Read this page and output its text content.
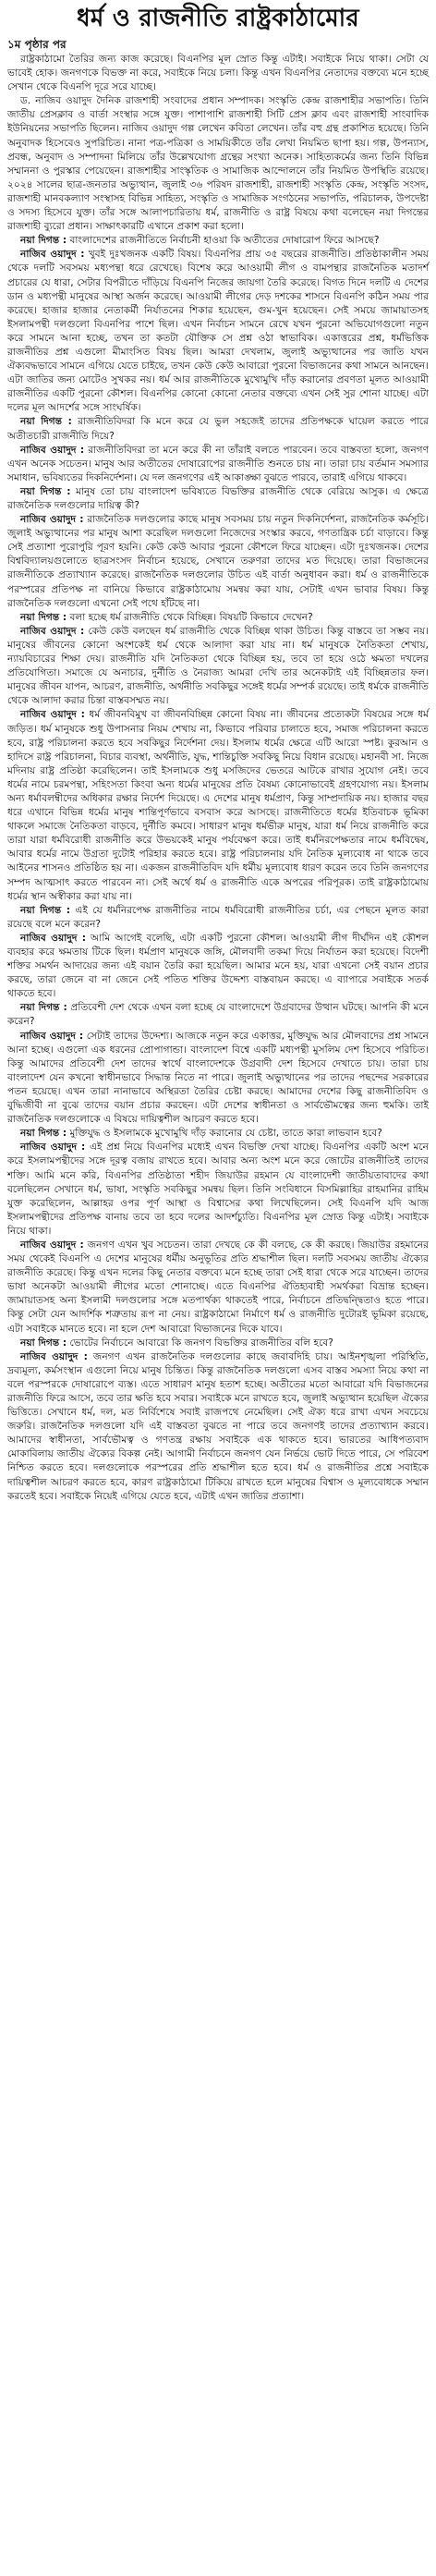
ধর্ম ও রাজনীতি রাষ্ট্রকাঠামোর
১ম পৃষ্ঠার পর

রাষ্ট্রকাঠামো তৈরির জন্য কাজ করেছে। বিএনপির মূল স্রোত কিন্তু এটাই। সবাইকে নিয়ে থাকা। সেটা যে ভাবেই হোক। জনগণকে বিভক্ত না করে, সবাইকে নিয়ে চলা। কিন্তু এখন বিএনপির নেতাদের বক্তব্যে মনে হচ্ছে সেখান থেকে বিএনপি দূরে সরে যাচ্ছে।

ড. নাজিব ওয়াদুদ দৈনিক রাজশাহী সংবাদের প্রধান সম্পাদক। সংস্কৃতি কেন্দ্র রাজশাহীর সভাপতি। তিনি জাতীয় প্রেসক্লাব ও বার্তা সংস্থার সঙ্গে যুক্ত। পাশাপাশি রাজশাহী সিটি প্রেস ক্লাব এবং রাজশাহী সাংবাদিক ইউনিয়নের সভাপতি ছিলেন। নাজিব ওয়াদুদ গল্প লেখেন কবিতা লেখেন। তাঁর বহু গ্রন্থ প্রকাশিত হয়েছে। তিনি অনুবাদক হিসেবেও সুপরিচিত। নানা পত্র-পত্রিকা ও সাময়িকীতে তাঁর লেখা নিয়মিত ছাপা হয়। গল্প, উপন্যাস, প্রবন্ধ, অনুবাদ ও সম্পাদনা মিলিয়ে তাঁর উল্লেখযোগ্য গ্রন্থের সংখ্যা অনেক। সাহিত্যকর্মের জন্য তিনি বিভিন্ন সম্মাননা ও পুরস্কার পেয়েছেন। রাজশাহীর সাংস্কৃতিক ও সামাজিক আন্দোলনে তাঁর নিয়মিত উপস্থিতি রয়েছে। ২০২৪ সালের ছাত্র-জনতার অভ্যুত্থান, জুলাই ৩৬ পরিষদ রাজশাহী, রাজশাহী সংস্কৃতি কেন্দ্র, সংস্কৃতি সংসদ, রাজশাহী মানবকল্যাণ সংস্থাসহ বিভিন্ন সাহিত্য, সংস্কৃতি ও সামাজিক সংগঠনের সভাপতি, পরিচালক, উপদেষ্টা ও সদস্য হিসেবে যুক্ত। তাঁর সঙ্গে আলাপচারিতায় ধর্ম, রাজনীতি ও রাষ্ট্র বিষয়ে কথা বলেছেন নয়া দিগন্তের রাজশাহী ব্যুরো প্রধান। সাক্ষাৎকারটি এখানে প্রকাশ করা হলো।

নয়া দিগন্ত : বাংলাদেশের রাজনীতিতে নির্বাচনী হাওয়া কি অতীতের দোষারোপ ফিরে আসছে?

নাজিব ওয়াদুদ : খুবই দুঃখজনক একটি বিষয়। বিএনপির প্রায় ৩৫ বছরের রাজনীতি। প্রতিষ্ঠাকালীন সময় থেকে দলটি সবসময় মধ্যপন্থা ধরে রেখেছে। বিশেষ করে আওয়ামী লীগ ও বামপন্থার রাজনৈতিক মতাদর্শ প্রচারের যে ধারা, সেটার বিপরীতে দাঁড়িয়ে বিএনপি নিজের জায়গা তৈরি করেছে। বিগত দিনে দলটি এ দেশের ডান ও মধ্যপন্থী মানুষের আস্থা অর্জন করেছে। আওয়ামী লীগের দেড় দশকের শাসনে বিএনপি কঠিন সময় পার করেছে। হাজার হাজার নেতাকর্মী নির্যাতনের শিকার হয়েছেন, গুম-খুন হয়েছেন। সেই সময়ে জামায়াতসহ ইসলামপন্থী দলগুলো বিএনপির পাশে ছিল। এখন নির্বাচন সামনে রেখে যখন পুরনো অভিযোগগুলো নতুন করে সামনে আনা হচ্ছে, তখন তা কতটা যৌক্তিক সে প্রশ্ন ওঠা স্বাভাবিক। একাত্তরের প্রশ্ন, ধর্মভিত্তিক রাজনীতির প্রশ্ন এগুলো মীমাংসিত বিষয় ছিল। আমরা দেখলাম, জুলাই অভ্যুত্থানের পর জাতি যখন ঐক্যবদ্ধভাবে সামনে এগিয়ে যেতে চাইছে, তখন কেউ কেউ আবারো পুরনো বিভাজনের কথা সামনে আনছেন। এটা জাতির জন্য মোটেও সুখকর নয়। ধর্ম আর রাজনীতিকে মুখোমুখি দাঁড় করানোর প্রবণতা মূলত আওয়ামী রাজনীতির একটি পুরনো কৌশল। বিএনপির কোনো কোনো নেতার বক্তব্যে এখন সেই সুর শোনা যাচ্ছে। এটা দলের মূল আদর্শের সঙ্গে সাংঘর্ষিক।

নয়া দিগন্ত : রাজনীতিবিদরা কি মনে করে যে ভুল সহজেই তাদের প্রতিপক্ষকে ঘায়েল করতে পারে অতীতচারী রাজনীতি দিয়ে?

নাজিব ওয়াদুদ : রাজনীতিবিদরা তা মনে করে কী না তাঁরাই বলতে পারবেন। তবে বাস্তবতা হলো, জনগণ এখন অনেক সচেতন। মানুষ আর অতীতের দোষারোপের রাজনীতি শুনতে চায় না। তারা চায় বর্তমান সমস্যার সমাধান, ভবিষ্যতের দিকনির্দেশনা। যে দল জনগণের এই আকাঙ্ক্ষা বুঝতে পারবে, তারাই এগিয়ে থাকবে।

নয়া দিগন্ত : মানুষ তো চায় বাংলাদেশ ভবিষ্যতে বিভক্তির রাজনীতি থেকে বেরিয়ে আসুক। এ ক্ষেত্রে রাজনৈতিক দলগুলোর দায়িত্ব কী?

নাজিব ওয়াদুদ : রাজনৈতিক দলগুলোর কাছে মানুষ সবসময় চায় নতুন দিকনির্দেশনা, রাজনৈতিক কর্মসূচি। জুলাই অভ্যুত্থানের পর মানুষ আশা করেছিল দলগুলো নিজেদের সংস্কার করবে, গণতান্ত্রিক চর্চা বাড়াবে। কিন্তু সেই প্রত্যাশা পুরোপুরি পূরণ হয়নি। কেউ কেউ আবার পুরনো কৌশলে ফিরে যাচ্ছেন। এটা দুঃখজনক। দেশের বিশ্ববিদ্যালয়গুলোতে ছাত্রসংসদ নির্বাচন হয়েছে, সেখানে তরুণরা তাদের মত দিয়েছে। তারা বিভাজনের রাজনীতিকে প্রত্যাখ্যান করেছে। রাজনৈতিক দলগুলোর উচিত এই বার্তা অনুধাবন করা। ধর্ম ও রাজনীতিকে পরস্পরের প্রতিপক্ষ না বানিয়ে কিভাবে রাষ্ট্রকাঠামোয় সমন্বয় করা যায়, সেটাই এখন ভাবার বিষয়। কিন্তু রাজনৈতিক দলগুলো এখনো সেই পথে হাঁটছে না।

নয়া দিগন্ত : বলা হচ্ছে ধর্ম রাজনীতি থেকে বিচ্ছিন্ন। বিষয়টি কিভাবে দেখেন?

নাজিব ওয়াদুদ : কেউ কেউ বলছেন ধর্ম রাজনীতি থেকে বিচ্ছিন্ন থাকা উচিত। কিন্তু বাস্তবে তা সম্ভব নয়। মানুষের জীবনের কোনো অংশকেই ধর্ম থেকে আলাদা করা যায় না। ধর্ম মানুষকে নৈতিকতা শেখায়, ন্যায়বিচারের শিক্ষা দেয়। রাজনীতি যদি নৈতিকতা থেকে বিচ্ছিন্ন হয়, তবে তা হয়ে ওঠে ক্ষমতা দখলের প্রতিযোগিতা। সমাজে যে অনাচার, দুর্নীতি ও নৈরাজ্য আমরা দেখি তার অনেকটাই এই বিচ্ছিন্নতার ফল। মানুষের জীবন যাপন, আচরণ, রাজনীতি, অর্থনীতি সবকিছুর সঙ্গেই ধর্মের সম্পর্ক রয়েছে। তাই ধর্মকে রাজনীতি থেকে আলাদা করার চিন্তা বাস্তবসম্মত নয়।

নাজিব ওয়াদুদ : ধর্ম জীবনবিমুখ বা জীবনবিচ্ছিন্ন কোনো বিষয় না। জীবনের প্রত্যেকটা বিষয়ের সঙ্গে ধর্ম জড়িত। ধর্ম মানুষকে শুধু উপাসনার নিয়ম শেখায় না, কিভাবে পরিবার চালাতে হবে, সমাজ পরিচালনা করতে হবে, রাষ্ট্র পরিচালনা করতে হবে সবকিছুর নির্দেশনা দেয়। ইসলাম ধর্মের ক্ষেত্রে এটি আরো স্পষ্ট। কুরআন ও হাদিসে রাষ্ট্র পরিচালনা, বিচার ব্যবস্থা, অর্থনীতি, যুদ্ধ, শান্তিচুক্তি সবকিছু নিয়ে বিধান রয়েছে। মহানবী সা. নিজে মদিনায় রাষ্ট্র প্রতিষ্ঠা করেছিলেন। তাই ইসলামকে শুধু মসজিদের ভেতরে আটকে রাখার সুযোগ নেই। তবে ধর্মের নামে চরমপন্থা, সহিংসতা কিংবা অন্য ধর্মের মানুষের প্রতি বৈষম্য কোনোভাবেই গ্রহণযোগ্য নয়। ইসলাম অন্য ধর্মাবলম্বীদের অধিকার রক্ষার নির্দেশ দিয়েছে। এ দেশের মানুষ ধর্মপ্রাণ, কিন্তু সাম্প্রদায়িক নয়। হাজার বছর ধরে এখানে বিভিন্ন ধর্মের মানুষ শান্তিপূর্ণভাবে বসবাস করে আসছে। রাজনীতিতে ধর্মের ইতিবাচক ভূমিকা থাকলে সমাজে নৈতিকতা বাড়বে, দুর্নীতি কমবে। সাধারণ মানুষ ধর্মভীরু মানুষ, যারা ধর্ম নিয়ে রাজনীতি করে তারা যারা ধর্মবিরোধী রাজনীতি করে উভয়কেই মানুষ পর্যবেক্ষণ করে। তাই ধর্মনিরপেক্ষতার নামে ধর্মবিদ্বেষ, আবার ধর্মের নামে উগ্রতা দুটোই পরিহার করতে হবে। রাষ্ট্র পরিচালনায় যদি নৈতিক মূল্যবোধ না থাকে তবে আইনের শাসনও প্রতিষ্ঠিত হয় না। একজন রাজনীতিবিদ যদি ধর্মীয় মূল্যবোধ ধারণ করেন তবে তিনি জনগণের সম্পদ আত্মসাৎ করতে পারবেন না। সেই অর্থে ধর্ম ও রাজনীতি একে অপরের পরিপূরক। তাই রাষ্ট্রকাঠামোয় ধর্মের স্থান অস্বীকার করা যায় না।

নয়া দিগন্ত : এই যে ধর্মনিরপেক্ষ রাজনীতির নামে ধর্মবিরোধী রাজনীতির চর্চা, এর পেছনে মূলত কারা রয়েছে বলে মনে করেন?

নাজিব ওয়াদুদ : আমি আগেই বলেছি, এটা একটি পুরনো কৌশল। আওয়ামী লীগ দীর্ঘদিন এই কৌশল ব্যবহার করে ক্ষমতায় টিকে ছিল। ধর্মপ্রাণ মানুষকে জঙ্গি, মৌলবাদী তকমা দিয়ে নির্যাতন করা হয়েছে। বিদেশী শক্তির সমর্থন আদায়ের জন্য এই বয়ান তৈরি করা হয়েছিল। আমার মনে হয়, যারা এখনো সেই বয়ান প্রচার করছে, তারা জেনে বা না জেনে সেই পতিত শক্তির উদ্দেশ্য বাস্তবায়ন করছে। এ ব্যাপারে সবাইকে সতর্ক থাকতে হবে।

নয়া দিগন্ত : প্রতিবেশী দেশ থেকে এখন বলা হচ্ছে যে বাংলাদেশে উগ্রবাদের উত্থান ঘটছে। আপনি কী মনে করেন?

নাজিব ওয়াদুদ : সেটাই তাদের উদ্দেশ্য। আজকে নতুন করে একাত্তর, মুক্তিযুদ্ধ আর মৌলবাদের প্রশ্ন সামনে আনা হচ্ছে। এগুলো এক ধরনের প্রোপাগান্ডা। বাংলাদেশ বিশ্বে একটি মধ্যপন্থী মুসলিম দেশ হিসেবে পরিচিত। কিন্তু আমাদের প্রতিবেশী দেশ তাদের স্বার্থে বাংলাদেশকে উগ্রবাদী দেশ হিসেবে দেখাতে চায়। তারা চায় বাংলাদেশ যেন কখনো স্বাধীনভাবে সিদ্ধান্ত নিতে না পারে। জুলাই অভ্যুত্থানের পর তাদের পছন্দের সরকারের পতন হয়েছে। এখন তারা নানাভাবে অস্থিরতা তৈরির চেষ্টা করছে। আমাদের দেশের কিছু রাজনীতিবিদ ও বুদ্ধিজীবী না বুঝে তাদের বয়ান প্রচার করছেন। এটা দেশের স্বাধীনতা ও সার্বভৌমত্বের জন্য হুমকি। তাই রাজনৈতিক দলগুলোকে এ বিষয়ে দায়িত্বশীল আচরণ করতে হবে।

নয়া দিগন্ত : মুক্তিযুদ্ধ ও ইসলামকে মুখোমুখি দাঁড় করানোর যে চেষ্টা, তাতে কারা লাভবান হবে?

নাজিব ওয়াদুদ : এই প্রশ্ন নিয়ে বিএনপির মধ্যেই এখন বিভক্তি দেখা যাচ্ছে। বিএনপির একটি অংশ মনে করে ইসলামপন্থীদের সঙ্গে দূরত্ব বজায় রাখতে হবে। আবার অন্য অংশ মনে করে জোটের রাজনীতিই তাদের শক্তি। আমি মনে করি, বিএনপির প্রতিষ্ঠাতা শহীদ জিয়াউর রহমান যে বাংলাদেশী জাতীয়তাবাদের কথা বলেছিলেন সেখানে ধর্ম, ভাষা, সংস্কৃতি সবকিছুর সমন্বয় ছিল। তিনি সংবিধানে বিসমিল্লাহির রাহমানির রাহিম যুক্ত করেছিলেন, আল্লাহর ওপর পূর্ণ আস্থা ও বিশ্বাসের কথা লিখেছিলেন। সেই বিএনপি যদি আজ ইসলামপন্থীদের প্রতিপক্ষ বানায় তবে তা হবে দলের আদর্শচ্যুতি। বিএনপির মূল স্রোত কিন্তু এটাই। সবাইকে নিয়ে থাকা।

নাজিব ওয়াদুদ : জনগণ এখন খুব সচেতন। তারা দেখছে কে কী বলছে, কে কী করছে। জিয়াউর রহমানের সময় থেকেই বিএনপি এ দেশের মানুষের ধর্মীয় অনুভূতির প্রতি শ্রদ্ধাশীল ছিল। দলটি সবসময় জাতীয় ঐক্যের রাজনীতি করেছে। কিন্তু এখন দলের কিছু নেতার বক্তব্যে মনে হচ্ছে তারা সেই ধারা থেকে সরে যাচ্ছেন। তাদের ভাষা অনেকটা আওয়ামী লীগের মতো শোনাচ্ছে। এতে বিএনপির ঐতিহ্যবাহী সমর্থকরা বিভ্রান্ত হচ্ছেন। জামায়াতসহ অন্য ইসলামী দলগুলোর সঙ্গে মতপার্থক্য থাকতেই পারে, নির্বাচনে প্রতিদ্বন্দ্বিতাও হতে পারে। কিন্তু সেটা যেন আদর্শিক শত্রুতায় রূপ না নেয়। রাষ্ট্রকাঠামো নির্মাণে ধর্ম ও রাজনীতি দুটোরই ভূমিকা রয়েছে, এটা সবাইকে মানতে হবে। না হলে দেশ আবারো বিভাজনের দিকে যাবে।

নয়া দিগন্ত : ভোটের নির্বাচনে আবারো কি জনগণ বিভক্তির রাজনীতির বলি হবে?

নাজিব ওয়াদুদ : জনগণ এখন রাজনৈতিক দলগুলোর কাছে জবাবদিহি চায়। আইনশৃঙ্খলা পরিস্থিতি, দ্রব্যমূল্য, কর্মসংস্থান এগুলো নিয়ে মানুষ চিন্তিত। কিন্তু রাজনৈতিক দলগুলো এসব বাস্তব সমস্যা নিয়ে কথা না বলে পরস্পরকে দোষারোপে ব্যস্ত। এতে সাধারণ মানুষ হতাশ হচ্ছে। অতীতের মতো আবারো যদি বিভাজনের রাজনীতি ফিরে আসে, তবে তার ক্ষতি হবে সবার। সবাইকে মনে রাখতে হবে, জুলাই অভ্যুত্থান হয়েছিল ঐক্যের ভিত্তিতে। সেখানে ধর্ম, দল, মত নির্বিশেষে সবাই রাজপথে নেমেছিল। সেই ঐক্য ধরে রাখা এখন সবচেয়ে জরুরি। রাজনৈতিক দলগুলো যদি এই বাস্তবতা বুঝতে না পারে তবে জনগণই তাদের প্রত্যাখ্যান করবে। আমাদের স্বাধীনতা, সার্বভৌমত্ব ও গণতন্ত্র রক্ষায় সবাইকে এক থাকতে হবে। ভারতের আধিপত্যবাদ মোকাবিলায় জাতীয় ঐক্যের বিকল্প নেই। আগামী নির্বাচনে জনগণ যেন নির্ভয়ে ভোট দিতে পারে, সে পরিবেশ নিশ্চিত করতে হবে। দলগুলোকে পরস্পরের প্রতি শ্রদ্ধাশীল হতে হবে। ধর্ম ও রাজনীতির প্রশ্নে সবাইকে দায়িত্বশীল আচরণ করতে হবে, কারণ রাষ্ট্রকাঠামো টিকিয়ে রাখতে হলে মানুষের বিশ্বাস ও মূল্যবোধকে সম্মান করতেই হবে। সবাইকে নিয়েই এগিয়ে যেতে হবে, এটাই এখন জাতির প্রত্যাশা।
